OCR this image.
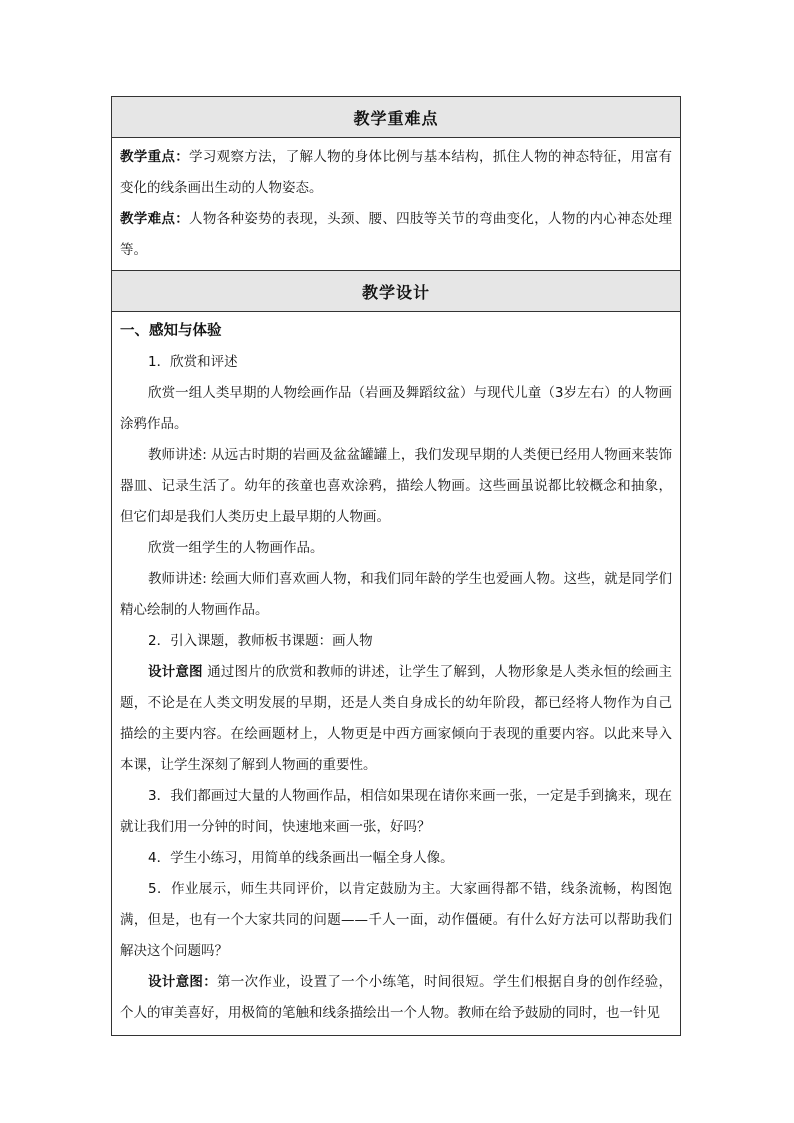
教学重难点

教学重点：学习观察方法，了解人物的身体比例与基本结构，抓住人物的神态特征，用富有变化的线条画出生动的人物姿态。

教学难点：人物各种姿势的表现，头颈、腰、四肢等关节的弯曲变化，人物的内心神态处理等。

教学设计

一、感知与体验

1．欣赏和评述

欣赏一组人类早期的人物绘画作品（岩画及舞蹈纹盆）与现代儿童（3岁左右）的人物画涂鸦作品。

教师讲述: 从远古时期的岩画及盆盆罐罐上，我们发现早期的人类便已经用人物画来装饰器皿、记录生活了。幼年的孩童也喜欢涂鸦，描绘人物画。这些画虽说都比较概念和抽象，但它们却是我们人类历史上最早期的人物画。

欣赏一组学生的人物画作品。

教师讲述: 绘画大师们喜欢画人物，和我们同年龄的学生也爱画人物。这些，就是同学们精心绘制的人物画作品。

2．引入课题，教师板书课题：画人物

设计意图 通过图片的欣赏和教师的讲述，让学生了解到，人物形象是人类永恒的绘画主题，不论是在人类文明发展的早期，还是人类自身成长的幼年阶段，都已经将人物作为自己描绘的主要内容。在绘画题材上，人物更是中西方画家倾向于表现的重要内容。以此来导入本课，让学生深刻了解到人物画的重要性。

3．我们都画过大量的人物画作品，相信如果现在请你来画一张，一定是手到擒来，现在就让我们用一分钟的时间，快速地来画一张，好吗？

4．学生小练习，用简单的线条画出一幅全身人像。

5．作业展示，师生共同评价，以肯定鼓励为主。大家画得都不错，线条流畅，构图饱满，但是，也有一个大家共同的问题——千人一面，动作僵硬。有什么好方法可以帮助我们解决这个问题吗？

设计意图：第一次作业，设置了一个小练笔，时间很短。学生们根据自身的创作经验，个人的审美喜好，用极简的笔触和线条描绘出一个人物。教师在给予鼓励的同时，也一针见
